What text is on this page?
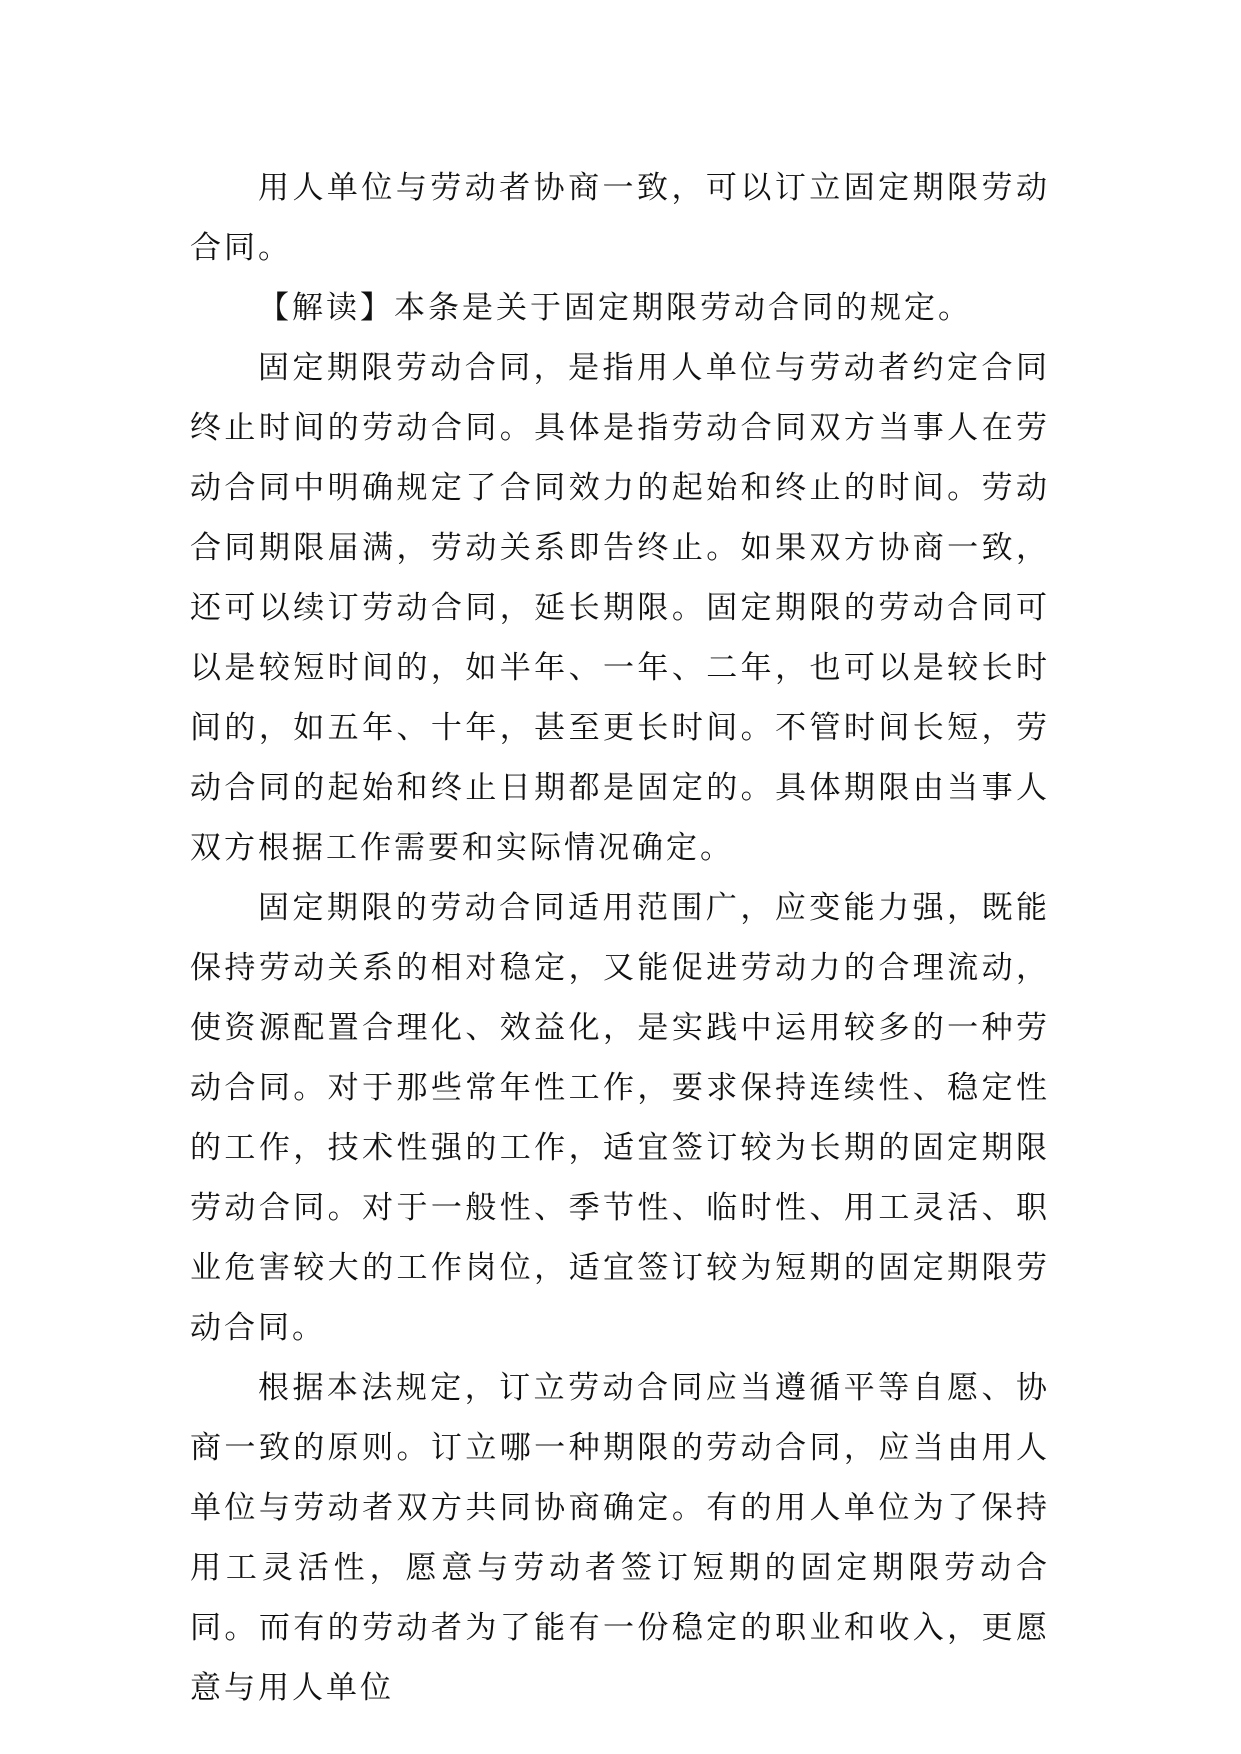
用人单位与劳动者协商一致，可以订立固定期限劳动合同。

【解读】本条是关于固定期限劳动合同的规定。

固定期限劳动合同，是指用人单位与劳动者约定合同终止时间的劳动合同。具体是指劳动合同双方当事人在劳动合同中明确规定了合同效力的起始和终止的时间。劳动合同期限届满，劳动关系即告终止。如果双方协商一致，还可以续订劳动合同，延长期限。固定期限的劳动合同可以是较短时间的，如半年、一年、二年，也可以是较长时间的，如五年、十年，甚至更长时间。不管时间长短，劳动合同的起始和终止日期都是固定的。具体期限由当事人双方根据工作需要和实际情况确定。

固定期限的劳动合同适用范围广，应变能力强，既能保持劳动关系的相对稳定，又能促进劳动力的合理流动，使资源配置合理化、效益化，是实践中运用较多的一种劳动合同。对于那些常年性工作，要求保持连续性、稳定性的工作，技术性强的工作，适宜签订较为长期的固定期限劳动合同。对于一般性、季节性、临时性、用工灵活、职业危害较大的工作岗位，适宜签订较为短期的固定期限劳动合同。

根据本法规定，订立劳动合同应当遵循平等自愿、协商一致的原则。订立哪一种期限的劳动合同，应当由用人单位与劳动者双方共同协商确定。有的用人单位为了保持用工灵活性，愿意与劳动者签订短期的固定期限劳动合同。而有的劳动者为了能有一份稳定的职业和收入，更愿意与用人单位
